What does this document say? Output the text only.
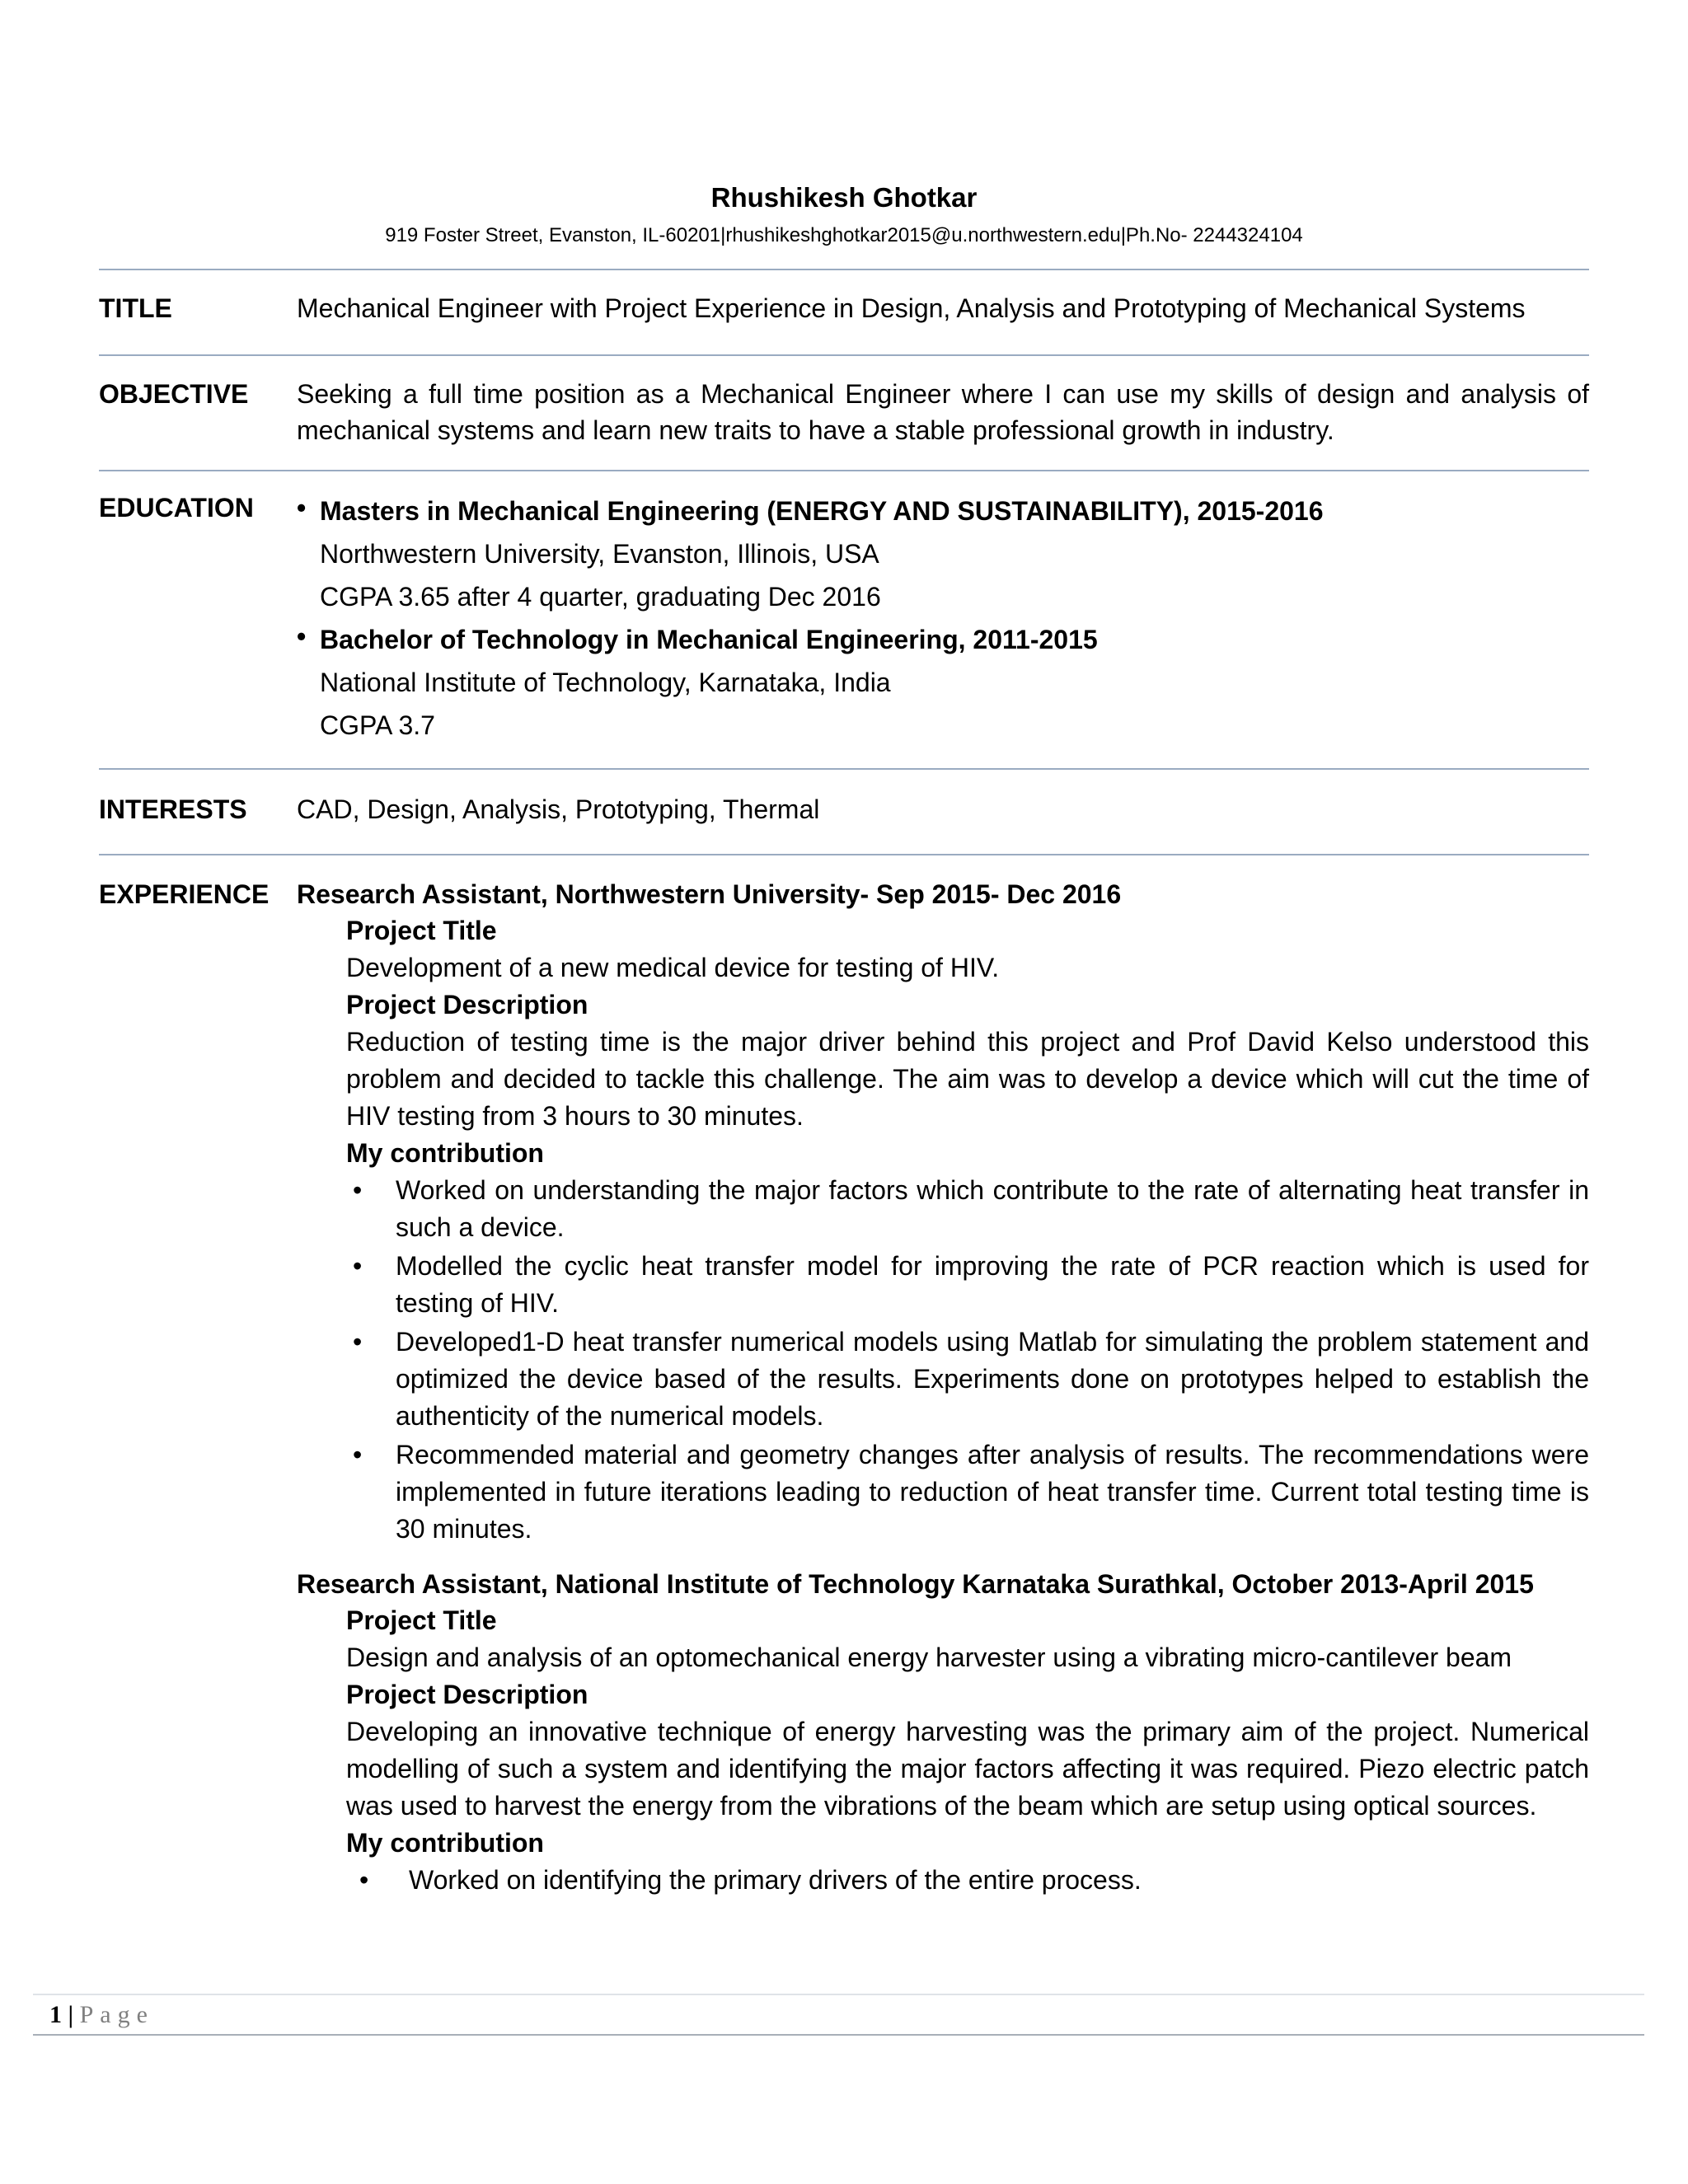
Rhushikesh Ghotkar
919 Foster Street, Evanston, IL-60201|rhushikeshghotkar2015@u.northwestern.edu|Ph.No- 2244324104
TITLE	Mechanical Engineer with Project Experience in Design, Analysis and Prototyping of Mechanical Systems
OBJECTIVE	Seeking a full time position as a Mechanical Engineer where I can use my skills of design and analysis of mechanical systems and learn new traits to have a stable professional growth in industry.
EDUCATION	• Masters in Mechanical Engineering (ENERGY AND SUSTAINABILITY), 2015-2016
Northwestern University, Evanston, Illinois, USA
CGPA 3.65 after 4 quarter, graduating Dec 2016
• Bachelor of Technology in Mechanical Engineering, 2011-2015
National Institute of Technology, Karnataka, India
CGPA 3.7
INTERESTS	CAD, Design, Analysis, Prototyping, Thermal
EXPERIENCE	Research Assistant, Northwestern University- Sep 2015- Dec 2016
Project Title

Development of a new medical device for testing of HIV.

Project Description

Reduction of testing time is the major driver behind this project and Prof David Kelso understood this problem and decided to tackle this challenge. The aim was to develop a device which will cut the time of HIV testing from 3 hours to 30 minutes.

My contribution
• Worked on understanding the major factors which contribute to the rate of alternating heat transfer in such a device.
• Modelled the cyclic heat transfer model for improving the rate of PCR reaction which is used for testing of HIV.
• Developed1-D heat transfer numerical models using Matlab for simulating the problem statement and optimized the device based of the results. Experiments done on prototypes helped to establish the authenticity of the numerical models.
• Recommended material and geometry changes after analysis of results. The recommendations were implemented in future iterations leading to reduction of heat transfer time. Current total testing time is 30 minutes.
Research Assistant, National Institute of Technology Karnataka Surathkal, October 2013-April 2015
Project Title

Design and analysis of an optomechanical energy harvester using a vibrating micro-cantilever beam

Project Description

Developing an innovative technique of energy harvesting was the primary aim of the project. Numerical modelling of such a system and identifying the major factors affecting it was required. Piezo electric patch was used to harvest the energy from the vibrations of the beam which are setup using optical sources.

My contribution
• Worked on identifying the primary drivers of the entire process.
1 | Page
